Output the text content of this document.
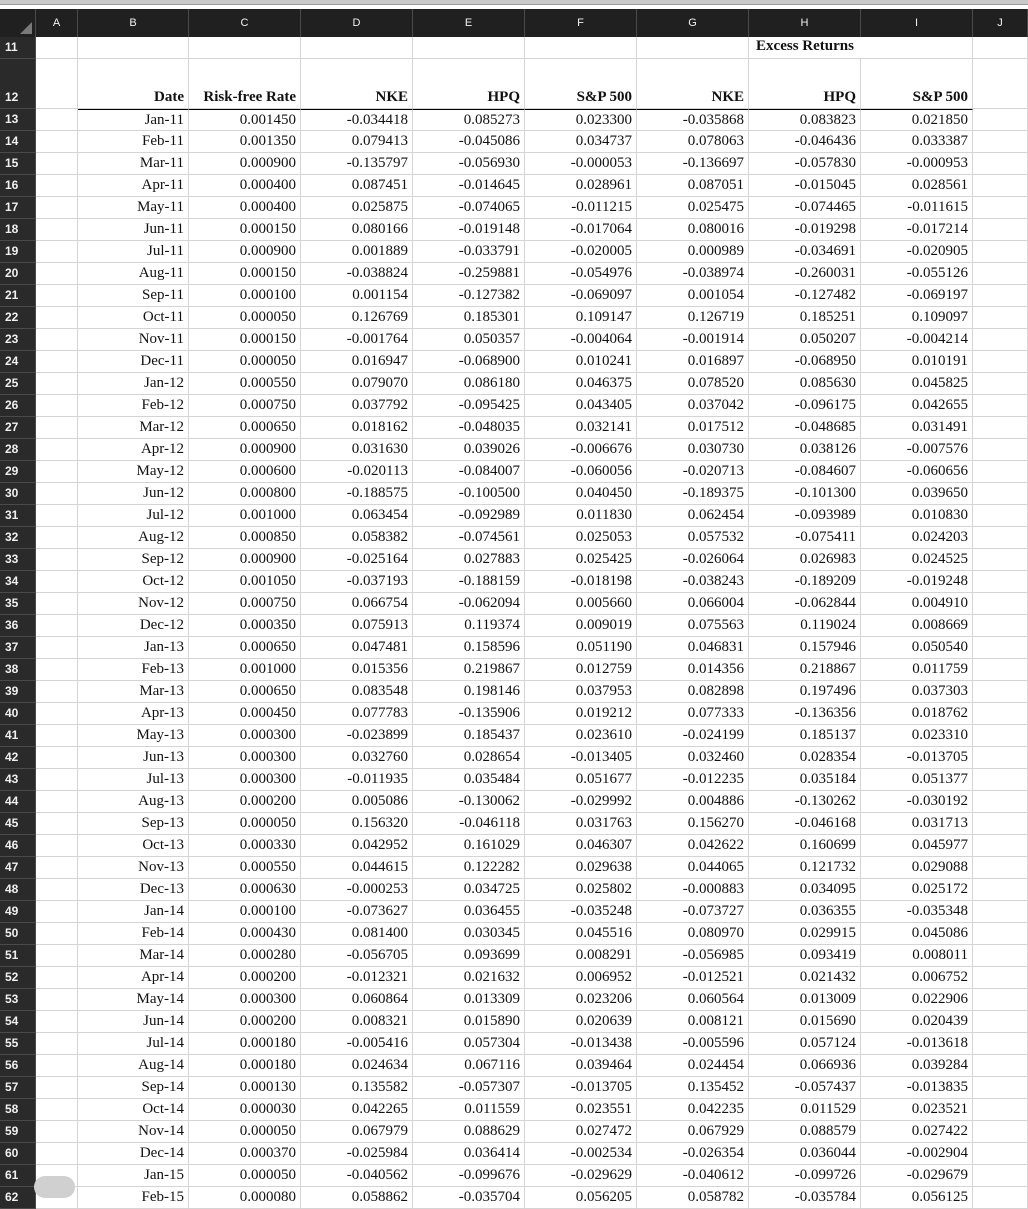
A	B	C	D	E	F	G	H	I	J
11	Excess Returns
12	Date	Risk-free Rate	NKE	HPQ	S&P 500	NKE	HPQ	S&P 500
13	Jan-11	0.001450	-0.034418	0.085273	0.023300	-0.035868	0.083823	0.021850
14	Feb-11	0.001350	0.079413	-0.045086	0.034737	0.078063	-0.046436	0.033387
15	Mar-11	0.000900	-0.135797	-0.056930	-0.000053	-0.136697	-0.057830	-0.000953
16	Apr-11	0.000400	0.087451	-0.014645	0.028961	0.087051	-0.015045	0.028561
17	May-11	0.000400	0.025875	-0.074065	-0.011215	0.025475	-0.074465	-0.011615
18	Jun-11	0.000150	0.080166	-0.019148	-0.017064	0.080016	-0.019298	-0.017214
19	Jul-11	0.000900	0.001889	-0.033791	-0.020005	0.000989	-0.034691	-0.020905
20	Aug-11	0.000150	-0.038824	-0.259881	-0.054976	-0.038974	-0.260031	-0.055126
21	Sep-11	0.000100	0.001154	-0.127382	-0.069097	0.001054	-0.127482	-0.069197
22	Oct-11	0.000050	0.126769	0.185301	0.109147	0.126719	0.185251	0.109097
23	Nov-11	0.000150	-0.001764	0.050357	-0.004064	-0.001914	0.050207	-0.004214
24	Dec-11	0.000050	0.016947	-0.068900	0.010241	0.016897	-0.068950	0.010191
25	Jan-12	0.000550	0.079070	0.086180	0.046375	0.078520	0.085630	0.045825
26	Feb-12	0.000750	0.037792	-0.095425	0.043405	0.037042	-0.096175	0.042655
27	Mar-12	0.000650	0.018162	-0.048035	0.032141	0.017512	-0.048685	0.031491
28	Apr-12	0.000900	0.031630	0.039026	-0.006676	0.030730	0.038126	-0.007576
29	May-12	0.000600	-0.020113	-0.084007	-0.060056	-0.020713	-0.084607	-0.060656
30	Jun-12	0.000800	-0.188575	-0.100500	0.040450	-0.189375	-0.101300	0.039650
31	Jul-12	0.001000	0.063454	-0.092989	0.011830	0.062454	-0.093989	0.010830
32	Aug-12	0.000850	0.058382	-0.074561	0.025053	0.057532	-0.075411	0.024203
33	Sep-12	0.000900	-0.025164	0.027883	0.025425	-0.026064	0.026983	0.024525
34	Oct-12	0.001050	-0.037193	-0.188159	-0.018198	-0.038243	-0.189209	-0.019248
35	Nov-12	0.000750	0.066754	-0.062094	0.005660	0.066004	-0.062844	0.004910
36	Dec-12	0.000350	0.075913	0.119374	0.009019	0.075563	0.119024	0.008669
37	Jan-13	0.000650	0.047481	0.158596	0.051190	0.046831	0.157946	0.050540
38	Feb-13	0.001000	0.015356	0.219867	0.012759	0.014356	0.218867	0.011759
39	Mar-13	0.000650	0.083548	0.198146	0.037953	0.082898	0.197496	0.037303
40	Apr-13	0.000450	0.077783	-0.135906	0.019212	0.077333	-0.136356	0.018762
41	May-13	0.000300	-0.023899	0.185437	0.023610	-0.024199	0.185137	0.023310
42	Jun-13	0.000300	0.032760	0.028654	-0.013405	0.032460	0.028354	-0.013705
43	Jul-13	0.000300	-0.011935	0.035484	0.051677	-0.012235	0.035184	0.051377
44	Aug-13	0.000200	0.005086	-0.130062	-0.029992	0.004886	-0.130262	-0.030192
45	Sep-13	0.000050	0.156320	-0.046118	0.031763	0.156270	-0.046168	0.031713
46	Oct-13	0.000330	0.042952	0.161029	0.046307	0.042622	0.160699	0.045977
47	Nov-13	0.000550	0.044615	0.122282	0.029638	0.044065	0.121732	0.029088
48	Dec-13	0.000630	-0.000253	0.034725	0.025802	-0.000883	0.034095	0.025172
49	Jan-14	0.000100	-0.073627	0.036455	-0.035248	-0.073727	0.036355	-0.035348
50	Feb-14	0.000430	0.081400	0.030345	0.045516	0.080970	0.029915	0.045086
51	Mar-14	0.000280	-0.056705	0.093699	0.008291	-0.056985	0.093419	0.008011
52	Apr-14	0.000200	-0.012321	0.021632	0.006952	-0.012521	0.021432	0.006752
53	May-14	0.000300	0.060864	0.013309	0.023206	0.060564	0.013009	0.022906
54	Jun-14	0.000200	0.008321	0.015890	0.020639	0.008121	0.015690	0.020439
55	Jul-14	0.000180	-0.005416	0.057304	-0.013438	-0.005596	0.057124	-0.013618
56	Aug-14	0.000180	0.024634	0.067116	0.039464	0.024454	0.066936	0.039284
57	Sep-14	0.000130	0.135582	-0.057307	-0.013705	0.135452	-0.057437	-0.013835
58	Oct-14	0.000030	0.042265	0.011559	0.023551	0.042235	0.011529	0.023521
59	Nov-14	0.000050	0.067979	0.088629	0.027472	0.067929	0.088579	0.027422
60	Dec-14	0.000370	-0.025984	0.036414	-0.002534	-0.026354	0.036044	-0.002904
61	Jan-15	0.000050	-0.040562	-0.099676	-0.029629	-0.040612	-0.099726	-0.029679
62	Feb-15	0.000080	0.058862	-0.035704	0.056205	0.058782	-0.035784	0.056125
